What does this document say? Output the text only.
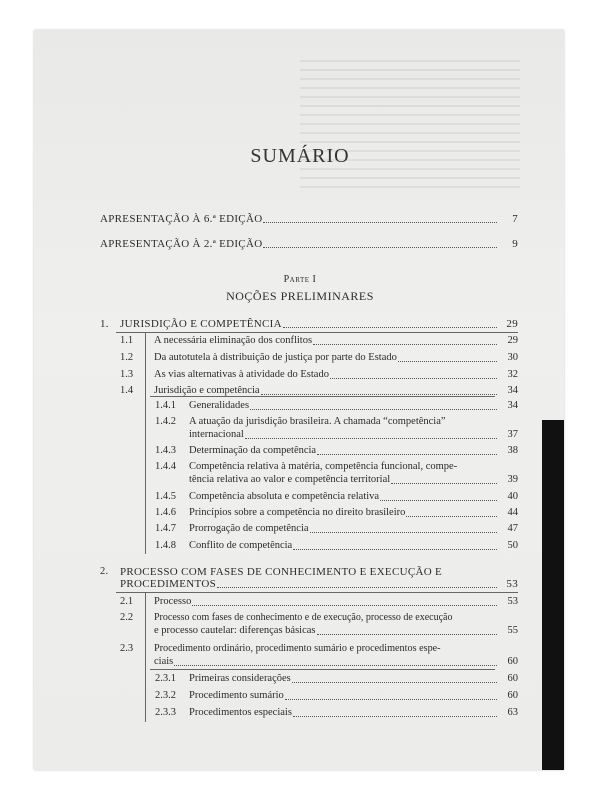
SUMÁRIO
APRESENTAÇÃO À 6.ª EDIÇÃO	7
APRESENTAÇÃO À 2.ª EDIÇÃO	9
Parte I
NOÇÕES PRELIMINARES
1.	JURISDIÇÃO E COMPETÊNCIA	29
1.1	A necessária eliminação dos conflitos	29
1.2	Da autotutela à distribuição de justiça por parte do Estado	30
1.3	As vias alternativas à atividade do Estado	32
1.4	Jurisdição e competência	34
1.4.1	Generalidades	34
1.4.2 A atuação da jurisdição brasileira. A chamada “competência”
internacional	37
1.4.3	Determinação da competência	38
1.4.4 Competência relativa à matéria, competência funcional, compe-
tência relativa ao valor e competência territorial	39
1.4.5	Competência absoluta e competência relativa	40
1.4.6	Princípios sobre a competência no direito brasileiro	44
1.4.7	Prorrogação de competência	47
1.4.8	Conflito de competência	50
2. PROCESSO COM FASES DE CONHECIMENTO E EXECUÇÃO E
PROCEDIMENTOS	53
2.1	Processo	53
2.2 Processo com fases de conhecimento e de execução, processo de execução
e processo cautelar: diferenças básicas	55
2.3 Procedimento ordinário, procedimento sumário e procedimentos espe-
ciais	60
2.3.1	Primeiras considerações	60
2.3.2	Procedimento sumário	60
2.3.3	Procedimentos especiais	63
